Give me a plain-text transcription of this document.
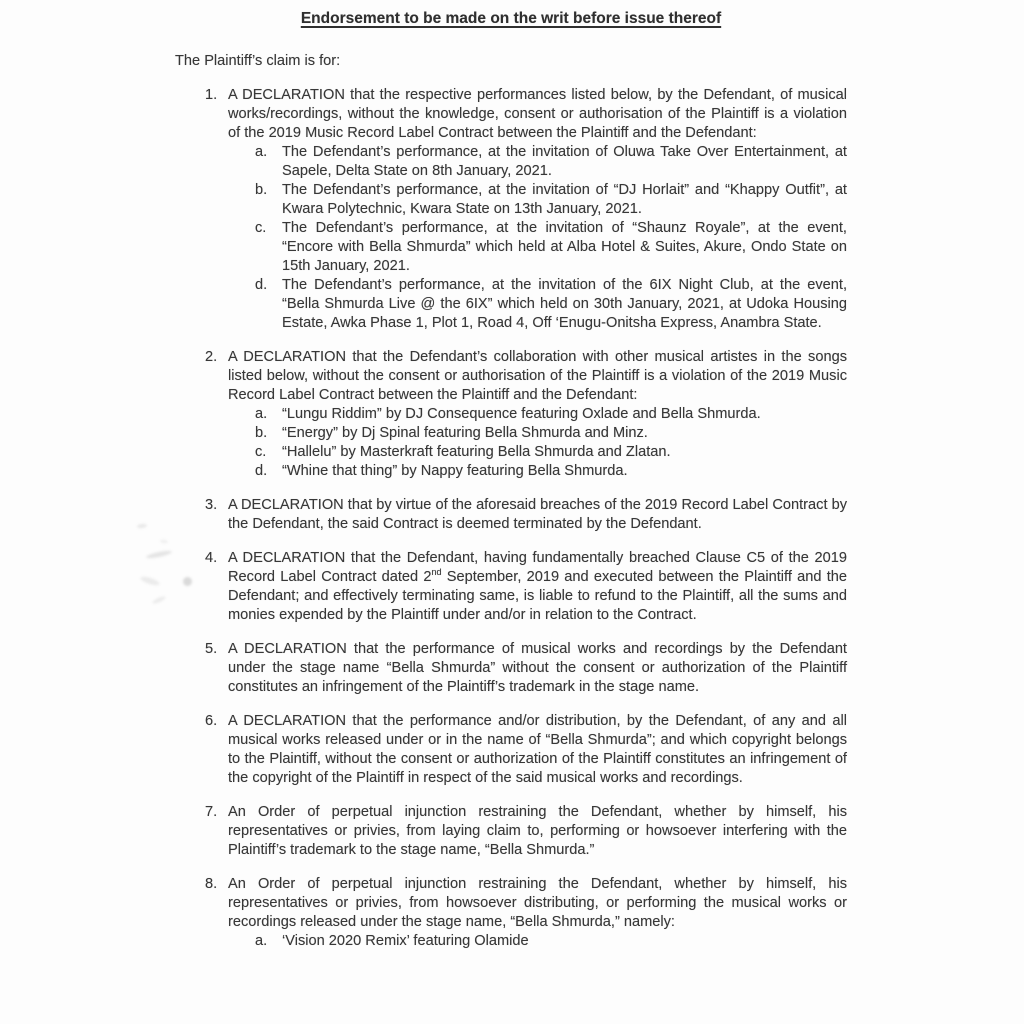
Endorsement to be made on the writ before issue thereof

The Plaintiff’s claim is for:

1. A DECLARATION that the respective performances listed below, by the Defendant, of musical works/recordings, without the knowledge, consent or authorisation of the Plaintiff is a violation of the 2019 Music Record Label Contract between the Plaintiff and the Defendant:
a.	The Defendant’s performance, at the invitation of Oluwa Take Over Entertainment, at Sapele, Delta State on 8th January, 2021.
b.	The Defendant’s performance, at the invitation of “DJ Horlait” and “Khappy Outfit”, at Kwara Polytechnic, Kwara State on 13th January, 2021.
c.	The Defendant’s performance, at the invitation of “Shaunz Royale”, at the event, “Encore with Bella Shmurda” which held at Alba Hotel & Suites, Akure, Ondo State on 15th January, 2021.
d.	The Defendant’s performance, at the invitation of the 6IX Night Club, at the event, “Bella Shmurda Live @ the 6IX” which held on 30th January, 2021, at Udoka Housing Estate, Awka Phase 1, Plot 1, Road 4, Off ‘Enugu-Onitsha Express, Anambra State.
2. A DECLARATION that the Defendant’s collaboration with other musical artistes in the songs listed below, without the consent or authorisation of the Plaintiff is a violation of the 2019 Music Record Label Contract between the Plaintiff and the Defendant:
a.	“Lungu Riddim” by DJ Consequence featuring Oxlade and Bella Shmurda.
b.	“Energy” by Dj Spinal featuring Bella Shmurda and Minz.
c.	“Hallelu” by Masterkraft featuring Bella Shmurda and Zlatan.
d.	“Whine that thing” by Nappy featuring Bella Shmurda.
3. A DECLARATION that by virtue of the aforesaid breaches of the 2019 Record Label Contract by the Defendant, the said Contract is deemed terminated by the Defendant.
4. A DECLARATION that the Defendant, having fundamentally breached Clause C5 of the 2019 Record Label Contract dated 2nd September, 2019 and executed between the Plaintiff and the Defendant; and effectively terminating same, is liable to refund to the Plaintiff, all the sums and monies expended by the Plaintiff under and/or in relation to the Contract.
5. A DECLARATION that the performance of musical works and recordings by the Defendant under the stage name “Bella Shmurda” without the consent or authorization of the Plaintiff constitutes an infringement of the Plaintiff’s trademark in the stage name.
6. A DECLARATION that the performance and/or distribution, by the Defendant, of any and all musical works released under or in the name of “Bella Shmurda”; and which copyright belongs to the Plaintiff, without the consent or authorization of the Plaintiff constitutes an infringement of the copyright of the Plaintiff in respect of the said musical works and recordings.
7. An Order of perpetual injunction restraining the Defendant, whether by himself, his representatives or privies, from laying claim to, performing or howsoever interfering with the Plaintiff’s trademark to the stage name, “Bella Shmurda.”
8. An Order of perpetual injunction restraining the Defendant, whether by himself, his representatives or privies, from howsoever distributing, or performing the musical works or recordings released under the stage name, “Bella Shmurda,” namely:
a.	‘Vision 2020 Remix’ featuring Olamide
